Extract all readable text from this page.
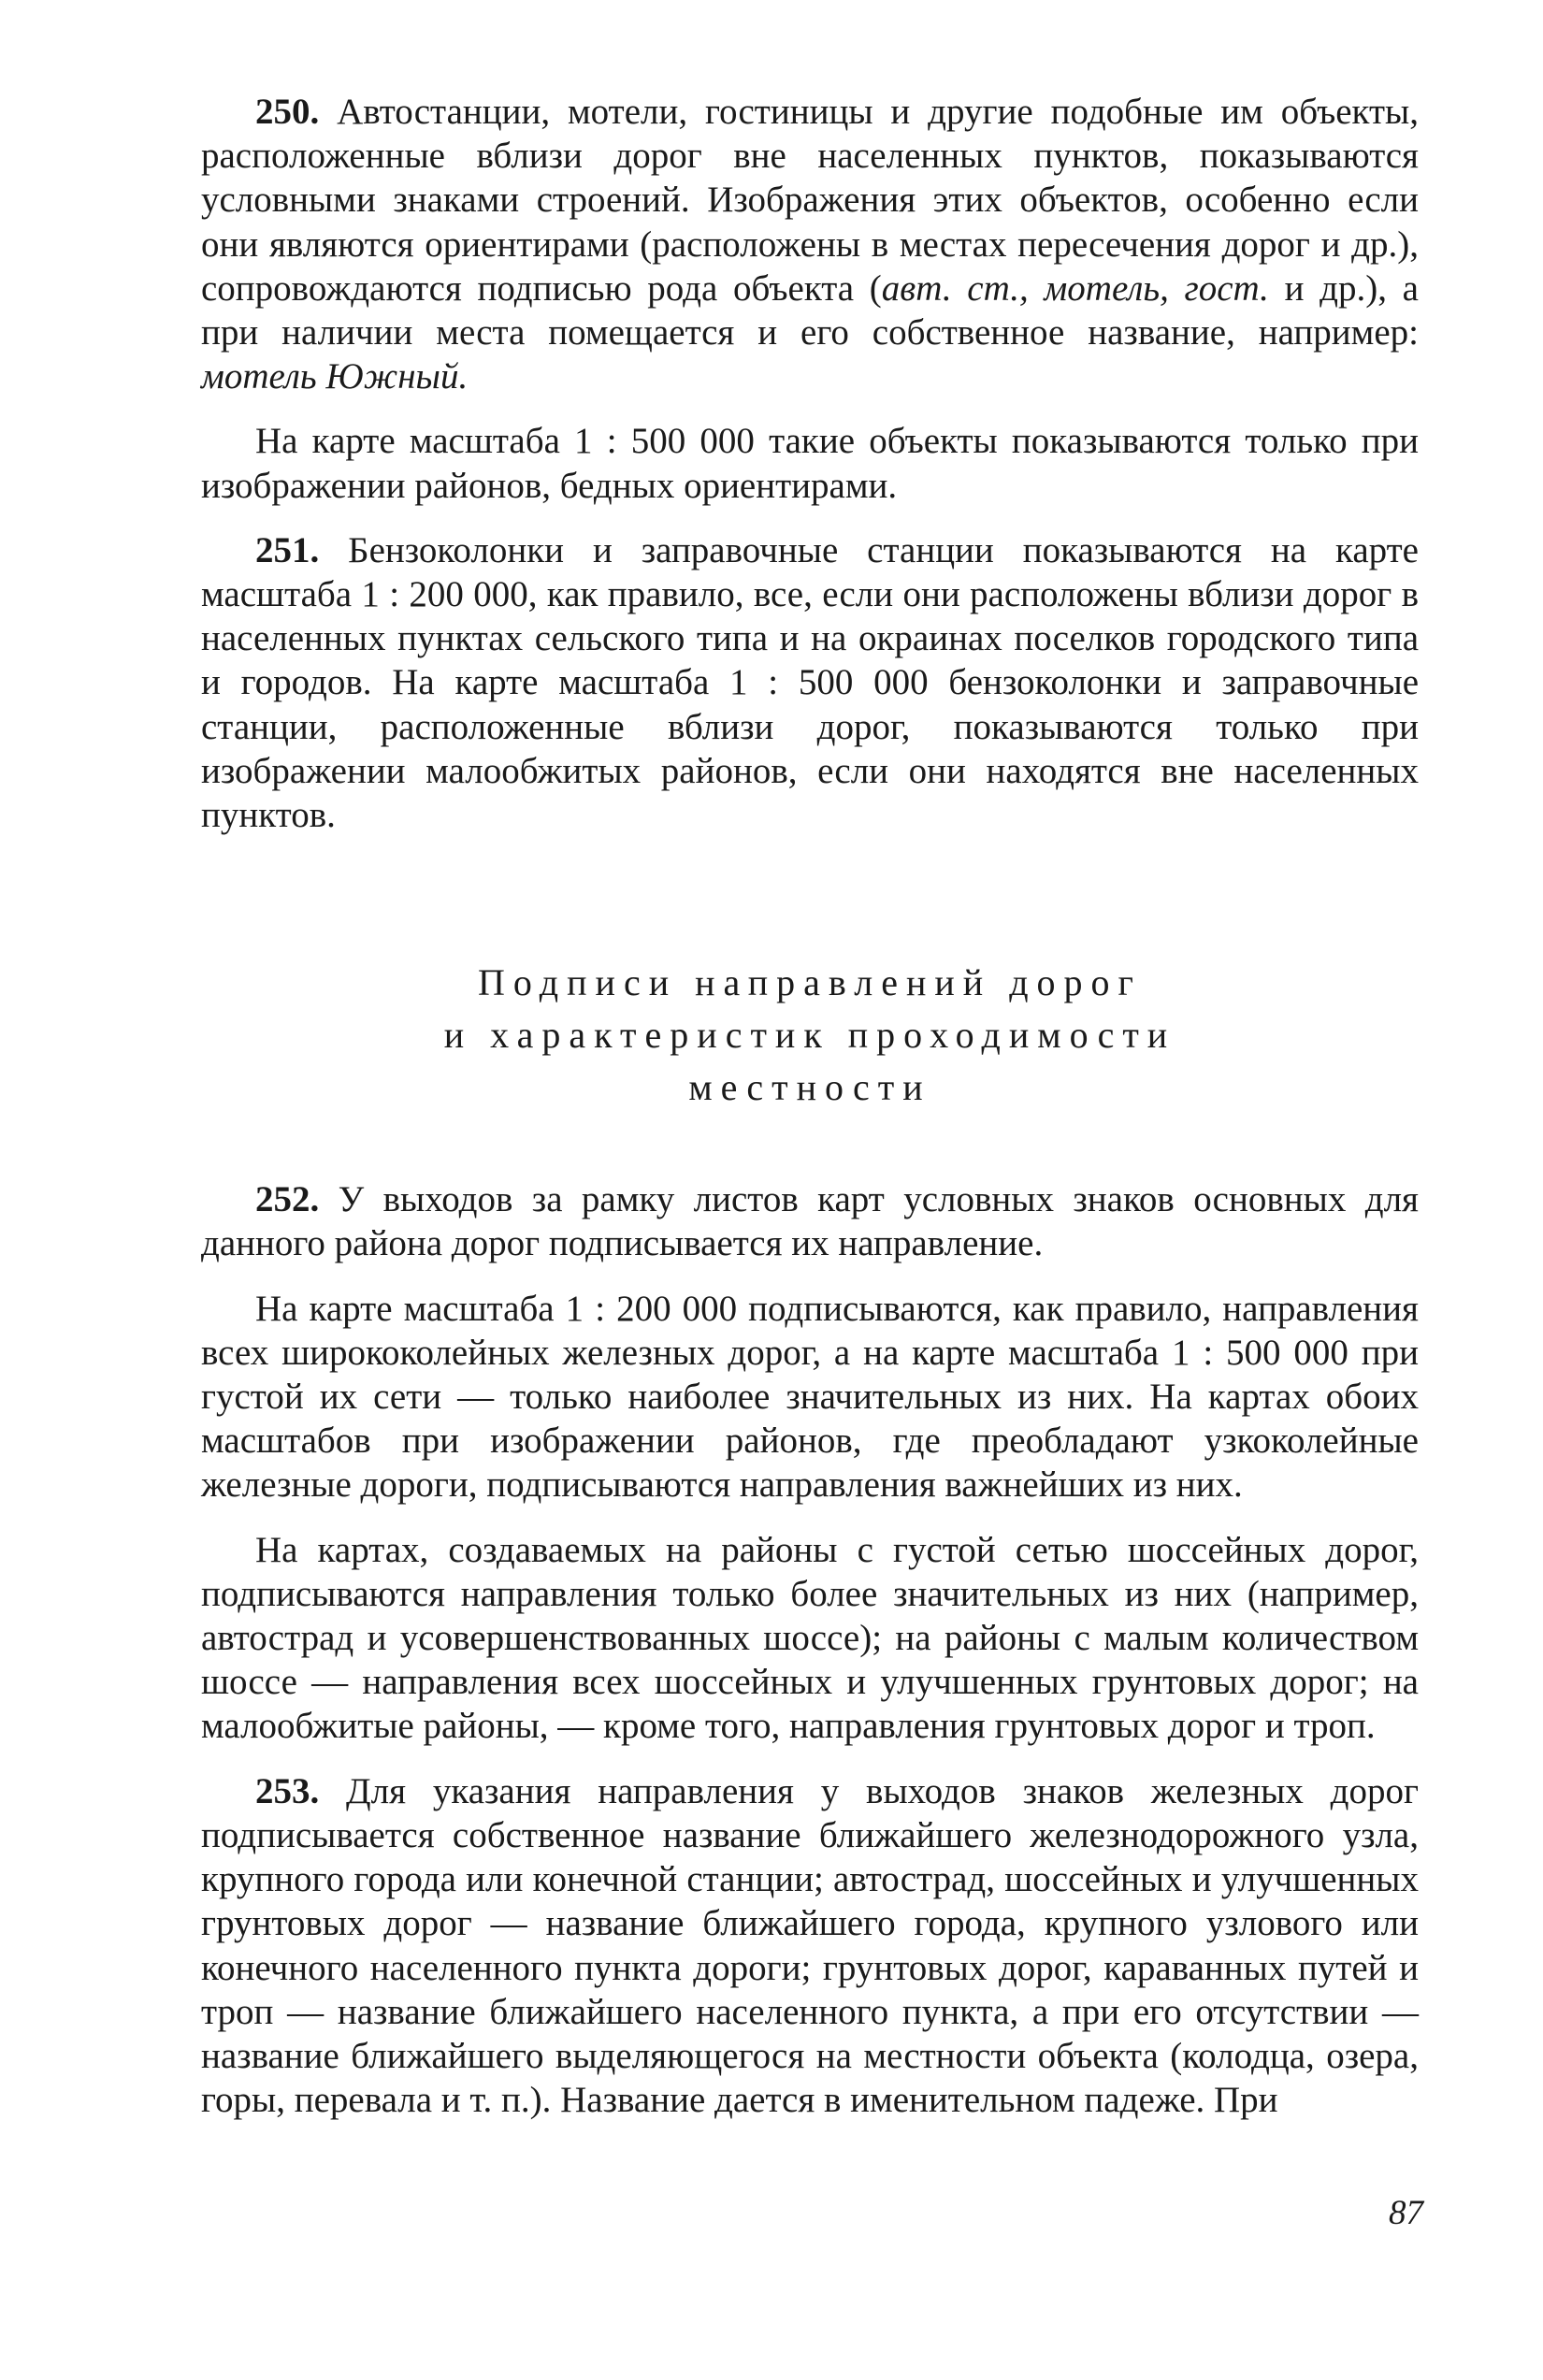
250. Автостанции, мотели, гостиницы и другие подобные им объекты, расположенные вблизи дорог вне населенных пунктов, показываются условными знаками строений. Изображения этих объектов, особенно если они являются ориентирами (расположены в местах пересечения дорог и др.), сопровождаются подписью рода объекта (авт. ст., мотель, гост. и др.), а при наличии места помещается и его собственное название, например: мотель Южный.

На карте масштаба 1 : 500 000 такие объекты показываются только при изображении районов, бедных ориентирами.

251. Бензоколонки и заправочные станции показываются на карте масштаба 1 : 200 000, как правило, все, если они расположены вблизи дорог в населенных пунктах сельского типа и на окраинах поселков городского типа и городов. На карте масштаба 1 : 500 000 бензоколонки и заправочные станции, расположенные вблизи дорог, показываются только при изображении малообжитых районов, если они находятся вне населенных пунктов.

Подписи направлений дорог

и характеристик проходимости

местности

252. У выходов за рамку листов карт условных знаков основных для данного района дорог подписывается их направление.

На карте масштаба 1 : 200 000 подписываются, как правило, направления всех ширококолейных железных дорог, а на карте масштаба 1 : 500 000 при густой их сети — только наиболее значительных из них. На картах обоих масштабов при изображении районов, где преобладают узкоколейные железные дороги, подписываются направления важнейших из них.

На картах, создаваемых на районы с густой сетью шоссейных дорог, подписываются направления только более значительных из них (например, автострад и усовершенствованных шоссе); на районы с малым количеством шоссе — направления всех шоссейных и улучшенных грунтовых дорог; на малообжитые районы, — кроме того, направления грунтовых дорог и троп.

253. Для указания направления у выходов знаков железных дорог подписывается собственное название ближайшего железнодорожного узла, крупного города или конечной станции; автострад, шоссейных и улучшенных грунтовых дорог — название ближайшего города, крупного узлового или конечного населенного пункта дороги; грунтовых дорог, караванных путей и троп — название ближайшего населенного пункта, а при его отсутствии — название ближайшего выделяющегося на местности объекта (колодца, озера, горы, перевала и т. п.). Название дается в именительном падеже. При

87
